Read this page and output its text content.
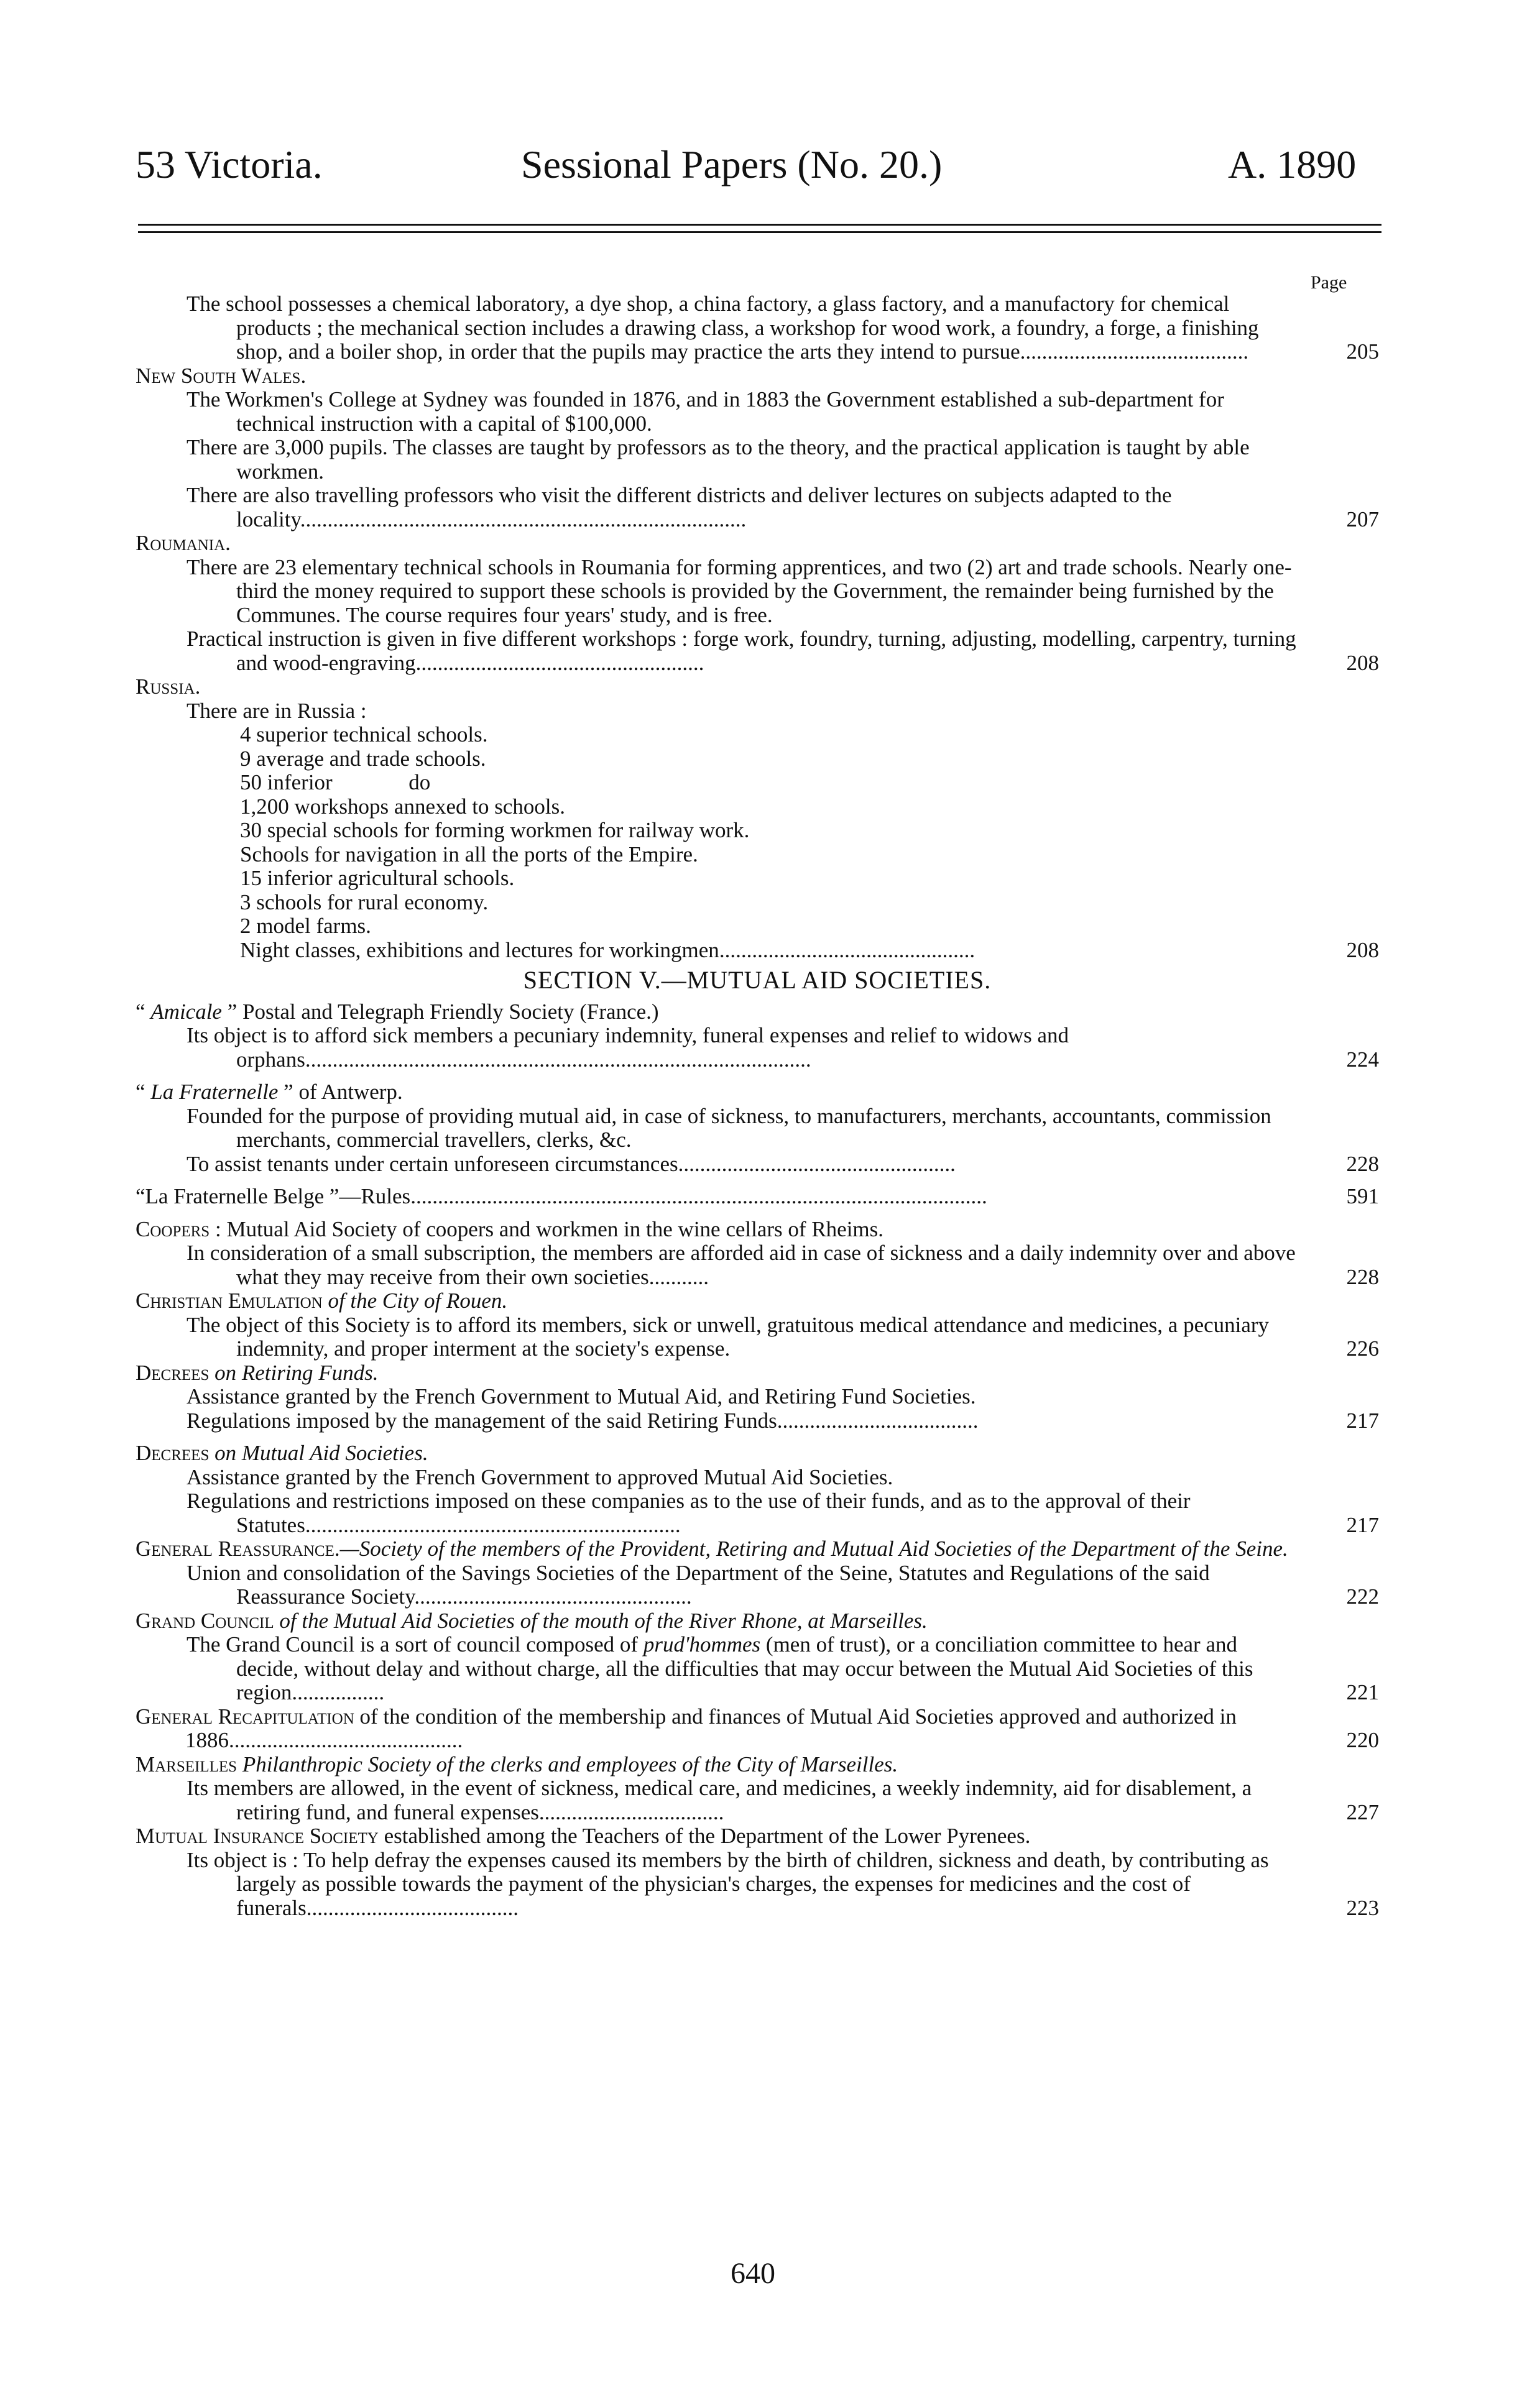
53 Victoria.	Sessional Papers (No. 20.)	A. 1890
Page
The school possesses a chemical laboratory, a dye shop, a china factory, a glass factory, and a manufactory for chemical products ; the mechanical section includes a drawing class, a workshop for wood work, a foundry, a forge, a finishing shop, and a boiler shop, in order that the pupils may practice the arts they intend to pursue..........................................	205
New South Wales.
The Workmen's College at Sydney was founded in 1876, and in 1883 the Government established a sub-department for technical instruction with a capital of $100,000.
There are 3,000 pupils. The classes are taught by professors as to the theory, and the practical application is taught by able workmen.
There are also travelling professors who visit the different districts and deliver lectures on subjects adapted to the locality..................................................................................	207
Roumania.
There are 23 elementary technical schools in Roumania for forming apprentices, and two (2) art and trade schools. Nearly one-third the money required to support these schools is provided by the Government, the remainder being furnished by the Communes. The course requires four years' study, and is free.
Practical instruction is given in five different workshops : forge work, foundry, turning, adjusting, modelling, carpentry, turning and wood-engraving.....................................................	208
Russia.
There are in Russia :
4 superior technical schools.
9 average and trade schools.
50 inferior              do
1,200 workshops annexed to schools.
30 special schools for forming workmen for railway work.
Schools for navigation in all the ports of the Empire.
15 inferior agricultural schools.
3 schools for rural economy.
2 model farms.
Night classes, exhibitions and lectures for workingmen...............................................	208
SECTION V.—MUTUAL AID SOCIETIES.
“ Amicale ” Postal and Telegraph Friendly Society (France.)
Its object is to afford sick members a pecuniary indemnity, funeral expenses and relief to widows and orphans.............................................................................................	224
“ La Fraternelle ” of Antwerp.
Founded for the purpose of providing mutual aid, in case of sickness, to manufacturers, merchants, accountants, commission merchants, commercial travellers, clerks, &c.
To assist tenants under certain unforeseen circumstances...................................................	228
“La Fraternelle Belge ”—Rules..........................................................................................................	591
Coopers : Mutual Aid Society of coopers and workmen in the wine cellars of Rheims.
In consideration of a small subscription, the members are afforded aid in case of sickness and a daily indemnity over and above what they may receive from their own societies...........	228
Christian Emulation of the City of Rouen.
The object of this Society is to afford its members, sick or unwell, gratuitous medical attendance and medicines, a pecuniary indemnity, and proper interment at the society's expense.	226
Decrees on Retiring Funds.
Assistance granted by the French Government to Mutual Aid, and Retiring Fund Societies.
Regulations imposed by the management of the said Retiring Funds.....................................	217
Decrees on Mutual Aid Societies.
Assistance granted by the French Government to approved Mutual Aid Societies.
Regulations and restrictions imposed on these companies as to the use of their funds, and as to the approval of their Statutes.....................................................................	217
General Reassurance.—Society of the members of the Provident, Retiring and Mutual Aid Societies of the Department of the Seine.
Union and consolidation of the Savings Societies of the Department of the Seine, Statutes and Regulations of the said Reassurance Society...................................................	222
Grand Council of the Mutual Aid Societies of the mouth of the River Rhone, at Marseilles.
The Grand Council is a sort of council composed of prud'hommes (men of trust), or a conciliation committee to hear and decide, without delay and without charge, all the difficulties that may occur between the Mutual Aid Societies of this region.................	221
General Recapitulation of the condition of the membership and finances of Mutual Aid Societies approved and authorized in 1886...........................................	220
Marseilles Philanthropic Society of the clerks and employees of the City of Marseilles.
Its members are allowed, in the event of sickness, medical care, and medicines, a weekly indemnity, aid for disablement, a retiring fund, and funeral expenses..................................	227
Mutual Insurance Society established among the Teachers of the Department of the Lower Pyrenees.
Its object is : To help defray the expenses caused its members by the birth of children, sickness and death, by contributing as largely as possible towards the payment of the physician's charges, the expenses for medicines and the cost of funerals.......................................	223
640
